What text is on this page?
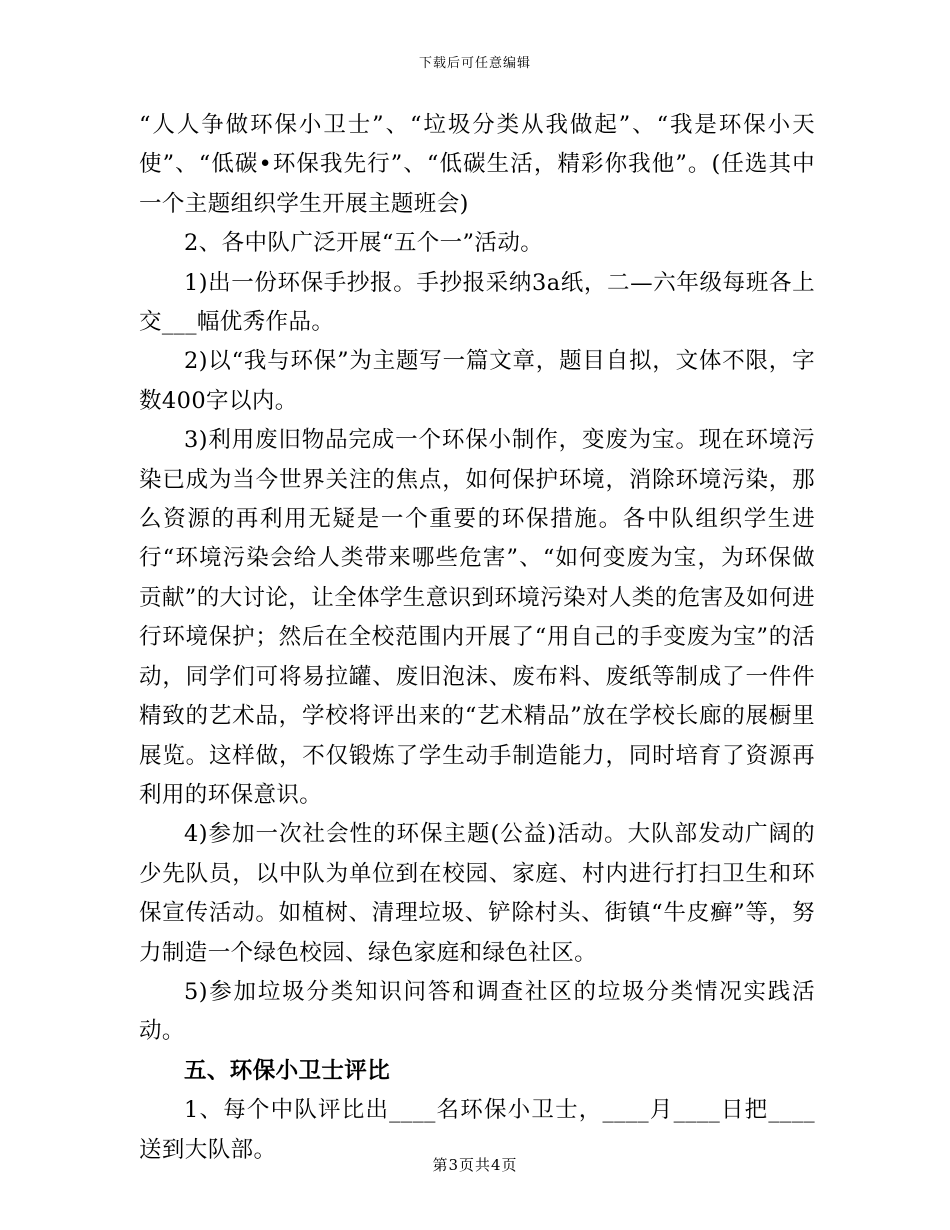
下载后可任意编辑

“人人争做环保小卫士”、“垃圾分类从我做起”、“我是环保小天使”、“低碳•环保我先行”、“低碳生活，精彩你我他”。(任选其中一个主题组织学生开展主题班会)

2、各中队广泛开展“五个一”活动。

1)出一份环保手抄报。手抄报采纳3a纸，二—六年级每班各上交___幅优秀作品。

2)以“我与环保”为主题写一篇文章，题目自拟，文体不限，字数400字以内。

3)利用废旧物品完成一个环保小制作，变废为宝。现在环境污染已成为当今世界关注的焦点，如何保护环境，消除环境污染，那么资源的再利用无疑是一个重要的环保措施。各中队组织学生进行“环境污染会给人类带来哪些危害”、“如何变废为宝，为环保做贡献”的大讨论，让全体学生意识到环境污染对人类的危害及如何进行环境保护；然后在全校范围内开展了“用自己的手变废为宝”的活动，同学们可将易拉罐、废旧泡沫、废布料、废纸等制成了一件件精致的艺术品，学校将评出来的“艺术精品”放在学校长廊的展橱里展览。这样做，不仅锻炼了学生动手制造能力，同时培育了资源再利用的环保意识。

4)参加一次社会性的环保主题(公益)活动。大队部发动广阔的少先队员，以中队为单位到在校园、家庭、村内进行打扫卫生和环保宣传活动。如植树、清理垃圾、铲除村头、街镇“牛皮癣”等，努力制造一个绿色校园、绿色家庭和绿色社区。

5)参加垃圾分类知识问答和调查社区的垃圾分类情况实践活动。

五、环保小卫士评比

1、每个中队评比出____名环保小卫士，____月____日把____送到大队部。

第3页共4页
